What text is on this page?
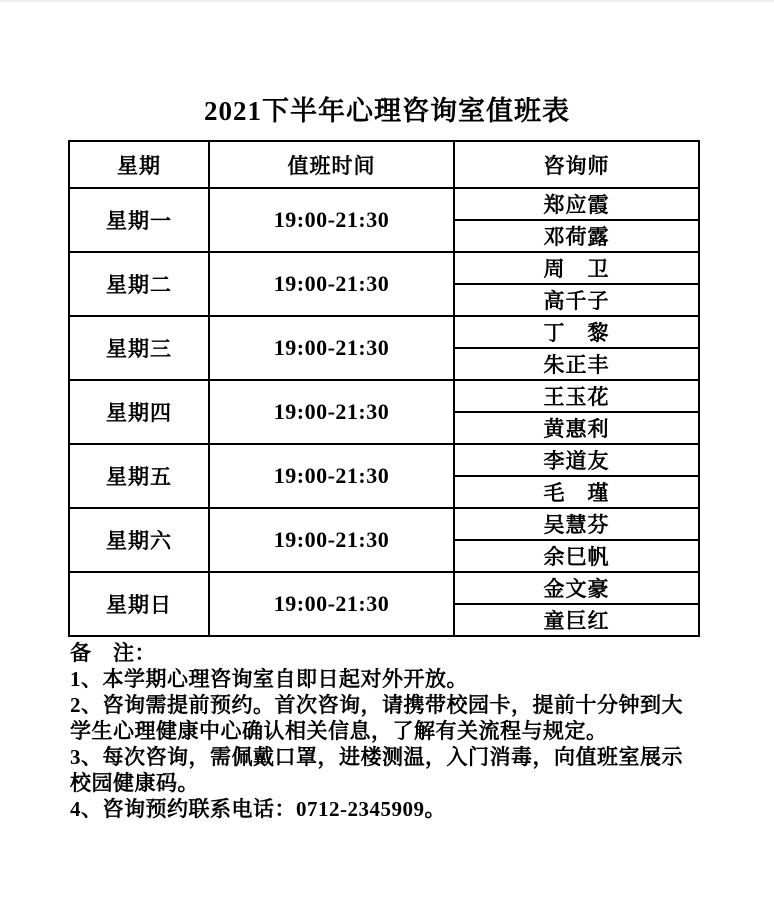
2021下半年心理咨询室值班表
星期	值班时间	咨询师
星期一	19:00-21:30	郑应霞
		邓荷露
星期二	19:00-21:30	周　卫
		高千子
星期三	19:00-21:30	丁　黎
		朱正丰
星期四	19:00-21:30	王玉花
		黄惠利
星期五	19:00-21:30	李道友
		毛　瑾
星期六	19:00-21:30	吴慧芬
		余巳帆
星期日	19:00-21:30	金文豪
		童巨红
备　注：
1、本学期心理咨询室自即日起对外开放。
2、咨询需提前预约。首次咨询，请携带校园卡，提前十分钟到大
学生心理健康中心确认相关信息，了解有关流程与规定。
3、每次咨询，需佩戴口罩，进楼测温，入门消毒，向值班室展示
校园健康码。
4、咨询预约联系电话：0712-2345909。
